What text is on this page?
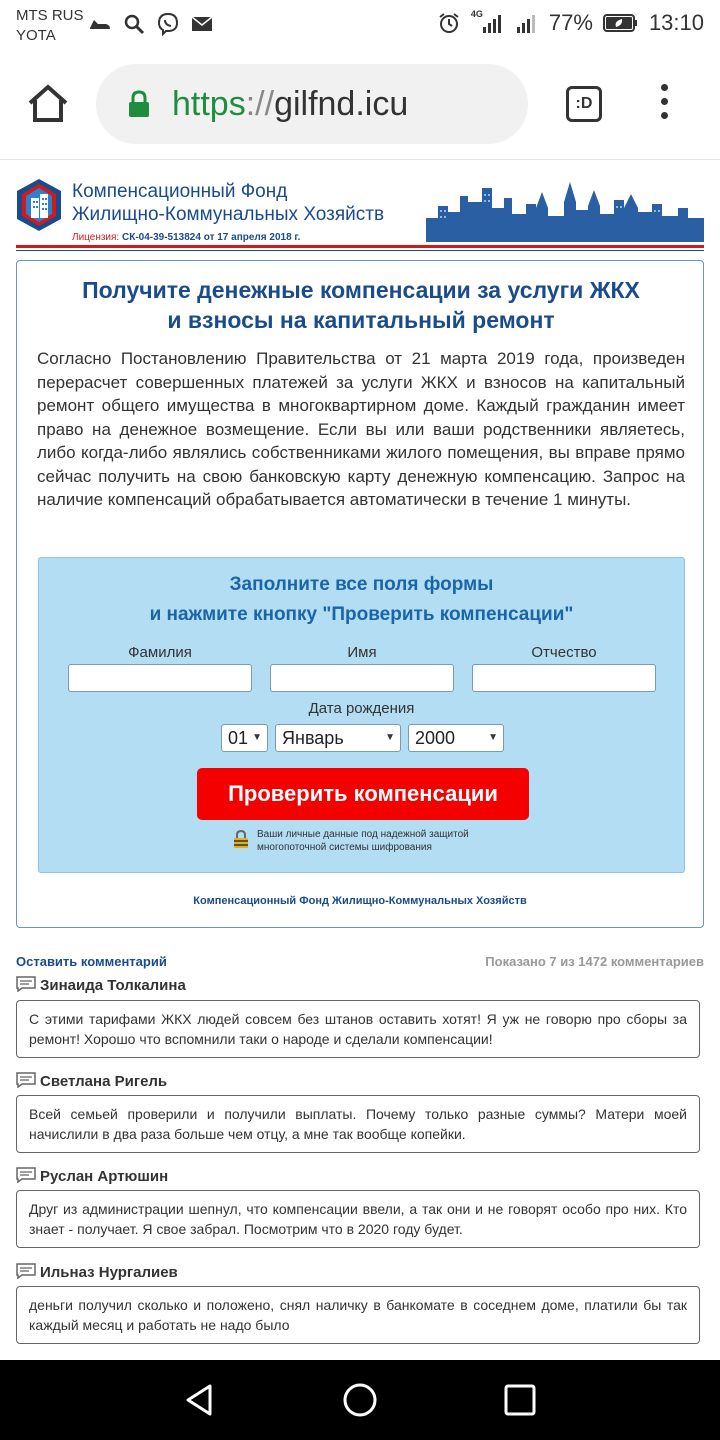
MTS RUS
YOTA
4G	77%	13:10
https://gilfnd.icu	:D
Компенсационный Фонд
Жилищно-Коммунальных Хозяйств
Лицензия: СК-04-39-513824 от 17 апреля 2018 г.
Получите денежные компенсации за услуги ЖКХ
и взносы на капитальный ремонт
Согласно Постановлению Правительства от 21 марта 2019 года, произведен перерасчет совершенных платежей за услуги ЖКХ и взносов на капитальный ремонт общего имущества в многоквартирном доме. Каждый гражданин имеет право на денежное возмещение. Если вы или ваши родственники являетесь, либо когда-либо являлись собственниками жилого помещения, вы вправе прямо сейчас получить на свою банковскую карту денежную компенсацию. Запрос на наличие компенсаций обрабатывается автоматически в течение 1 минуты.
Заполните все поля формы
и нажмите кнопку "Проверить компенсации"
Фамилия	Имя	Отчество
Дата рождения
01 ▼	Январь	▼	2000	▼
Проверить компенсации
Ваши личные данные под надежной защитой многопоточной системы шифрования
Компенсационный Фонд Жилищно-Коммунальных Хозяйств
Оставить комментарий	Показано 7 из 1472 комментариев
Зинаида Толкалина
С этими тарифами ЖКХ людей совсем без штанов оставить хотят! Я уж не говорю про сборы за ремонт! Хорошо что вспомнили таки о народе и сделали компенсации!
Светлана Ригель
Всей семьей проверили и получили выплаты. Почему только разные суммы? Матери моей начислили в два раза больше чем отцу, а мне так вообще копейки.
Руслан Артюшин
Друг из администрации шепнул, что компенсации ввели, а так они и не говорят особо про них. Кто знает - получает. Я свое забрал. Посмотрим что в 2020 году будет.
Ильназ Нургалиев
деньги получил сколько и положено, снял наличку в банкомате в соседнем доме, платили бы так каждый месяц и работать не надо было
